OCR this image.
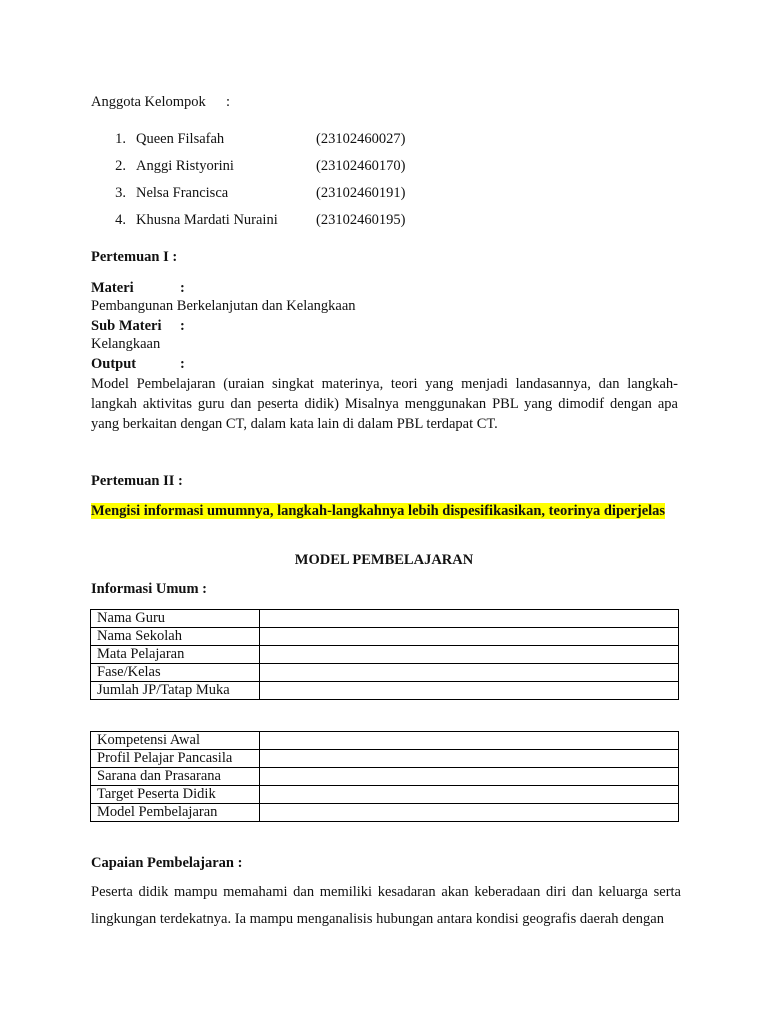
Anggota Kelompok :
1. Queen Filsafah	(23102460027)
2. Anggi Ristyorini	(23102460170)
3. Nelsa Francisca	(23102460191)
4. Khusna Mardati Nuraini	(23102460195)
Pertemuan I :
Materi	:
Pembangunan Berkelanjutan dan Kelangkaan
Sub Materi :
Kelangkaan
Output	:
Model Pembelajaran (uraian singkat materinya, teori yang menjadi landasannya, dan langkah-langkah aktivitas guru dan peserta didik) Misalnya menggunakan PBL yang dimodif dengan apa yang berkaitan dengan CT, dalam kata lain di dalam PBL terdapat CT.
Pertemuan II :
Mengisi informasi umumnya, langkah-langkahnya lebih dispesifikasikan, teorinya diperjelas
MODEL PEMBELAJARAN
Informasi Umum :
Nama Guru	
Nama Sekolah	
Mata Pelajaran	
Fase/Kelas	
Jumlah JP/Tatap Muka	
Kompetensi Awal	
Profil Pelajar Pancasila	
Sarana dan Prasarana	
Target Peserta Didik	
Model Pembelajaran	
Capaian Pembelajaran :
Peserta didik mampu memahami dan memiliki kesadaran akan keberadaan diri dan keluarga serta lingkungan terdekatnya. Ia mampu menganalisis hubungan antara kondisi geografis daerah dengan
